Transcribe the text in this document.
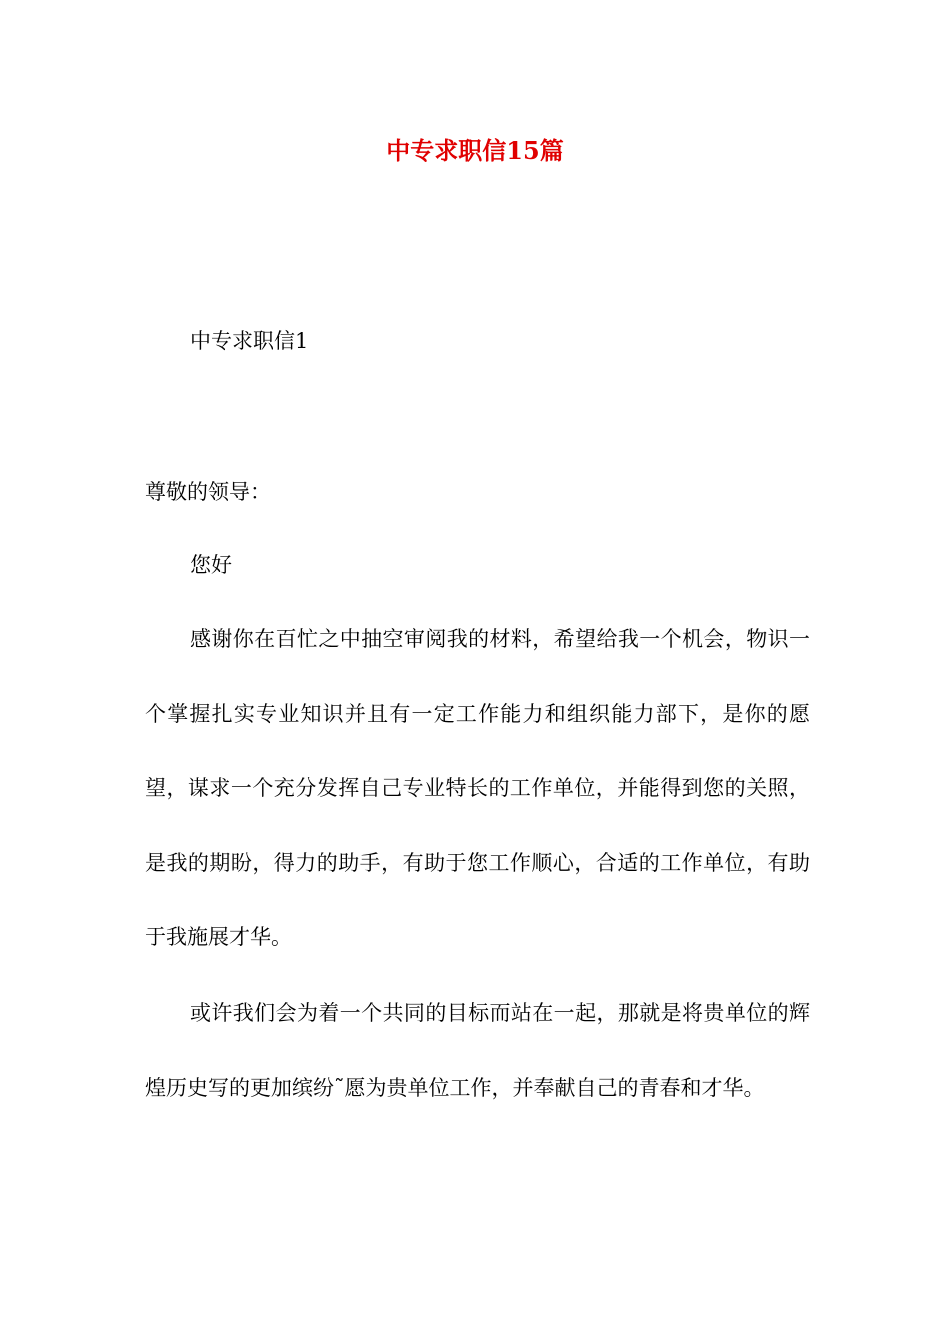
中专求职信15篇

中专求职信1

尊敬的领导：

您好

感谢你在百忙之中抽空审阅我的材料，希望给我一个机会，物识一个掌握扎实专业知识并且有一定工作能力和组织能力部下，是你的愿望，谋求一个充分发挥自己专业特长的工作单位，并能得到您的关照，是我的期盼，得力的助手，有助于您工作顺心，合适的工作单位，有助于我施展才华。

或许我们会为着一个共同的目标而站在一起，那就是将贵单位的辉煌历史写的更加缤纷˜愿为贵单位工作，并奉献自己的青春和才华。
